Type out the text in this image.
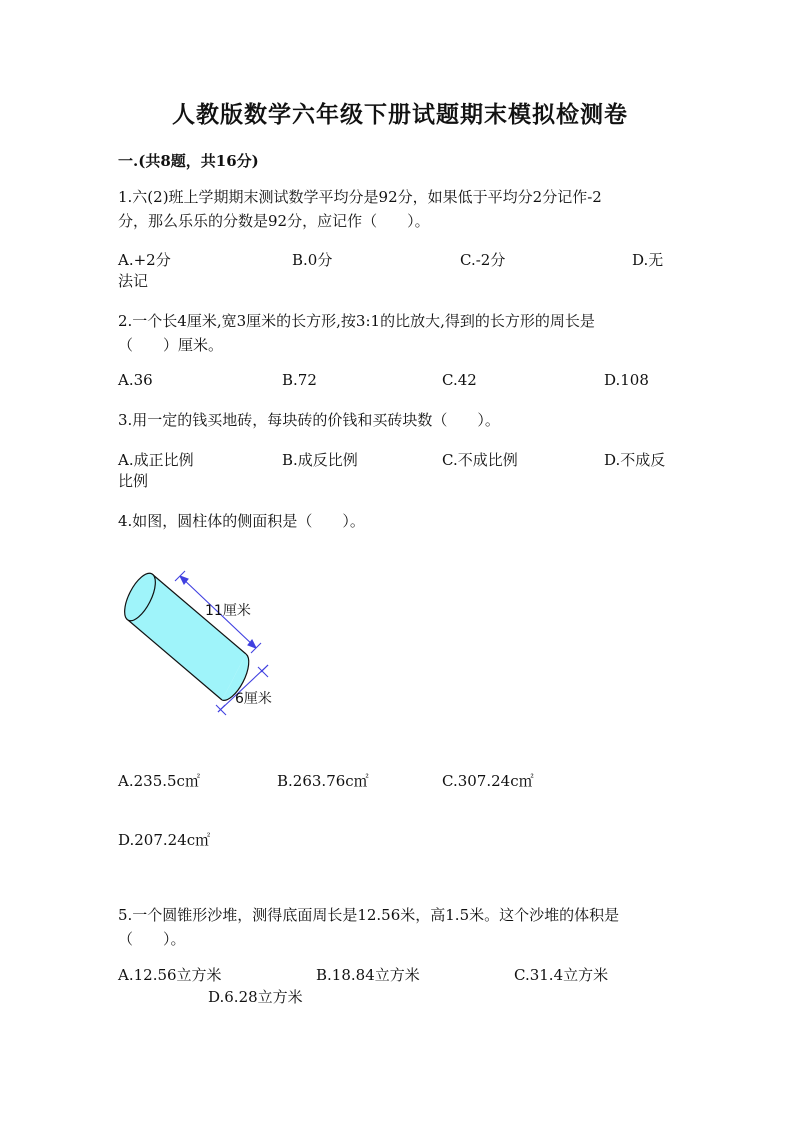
人教版数学六年级下册试题期末模拟检测卷
一.(共8题，共16分)
1.六(2)班上学期期末测试数学平均分是92分，如果低于平均分2分记作-2
分，那么乐乐的分数是92分，应记作（　　）。
A.+2分	B.0分	C.-2分	D.无
法记
2.一个长4厘米,宽3厘米的长方形,按3:1的比放大,得到的长方形的周长是
（　　）厘米。
A.36	B.72	C.42	D.108
3.用一定的钱买地砖，每块砖的价钱和买砖块数（　　）。
A.成正比例	B.成反比例	C.不成比例	D.不成反
比例
4.如图，圆柱体的侧面积是（　　）。
11厘米
6厘米
A.235.5c㎡	B.263.76c㎡	C.307.24c㎡
D.207.24c㎡
5.一个圆锥形沙堆，测得底面周长是12.56米，高1.5米。这个沙堆的体积是
（　　）。
A.12.56立方米	B.18.84立方米	C.31.4立方米
D.6.28立方米
